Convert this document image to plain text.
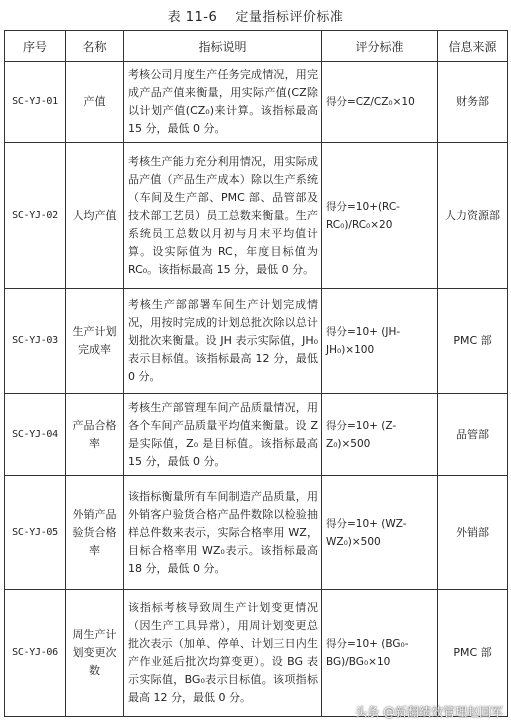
表 11-6　 定量指标评价标准
序号	名称	指标说明	评分标准	信息来源
SC-YJ-01	产值	考核公司月度生产任务完成情况，用完成产品产值来衡量，用实际产值(CZ除以计划产值(CZ₀)来计算。该指标最高 15 分，最低 0 分。	得分=CZ/CZ₀×10	财务部
SC-YJ-02	人均产值	考核生产能力充分利用情况，用实际成品产值（产品生产成本）除以生产系统（车间及生产部、PMC 部、品管部及技术部工艺员）员工总数来衡量。生产系统员工总数以月初与月末平均值计算。设实际值为 RC，年度目标值为 RC₀。该指标最高 15 分，最低 0 分。	得分=10+(RC-RC₀)/RC₀×20	人力资源部
SC-YJ-03	生产计划完成率	考核生产部部署车间生产计划完成情况，用按时完成的计划总批次除以总计划批次来衡量。设 JH 表示实际值，JH₀ 表示目标值。该指标最高 12 分，最低 0 分。	得分=10+ (JH-JH₀)×100	PMC 部
SC-YJ-04	产品合格率	考核生产部管理车间产品质量情况，用各个车间产品质量平均值来衡量。设 Z 是实际值，Z₀ 是目标值。该指标最高 15 分，最低 0 分。	得分=10+ (Z-Z₀)×500	品管部
SC-YJ-05	外销产品验货合格率	该指标衡量所有车间制造产品质量，用外销客户验货合格产品件数除以检验抽样总件数来表示，实际合格率用 WZ，目标合格率用 WZ₀表示。该指标最高 18 分，最低 0 分。	得分=10+ (WZ-WZ₀)×500	外销部
SC-YJ-06	周生产计划变更次数	该指标考核导致周生产计划变更情况（因生产工具异常），用周计划变更总批次表示（加单、停单、计划三日内生产作业延后批次均算变更）。设 BG 表示实际值，BG₀表示目标值。该项指标最高 12 分，最低 0 分。	得分=10+ (BG₀-BG)/BG₀×10	PMC 部
头条 @新翻绩效管理赵国军
